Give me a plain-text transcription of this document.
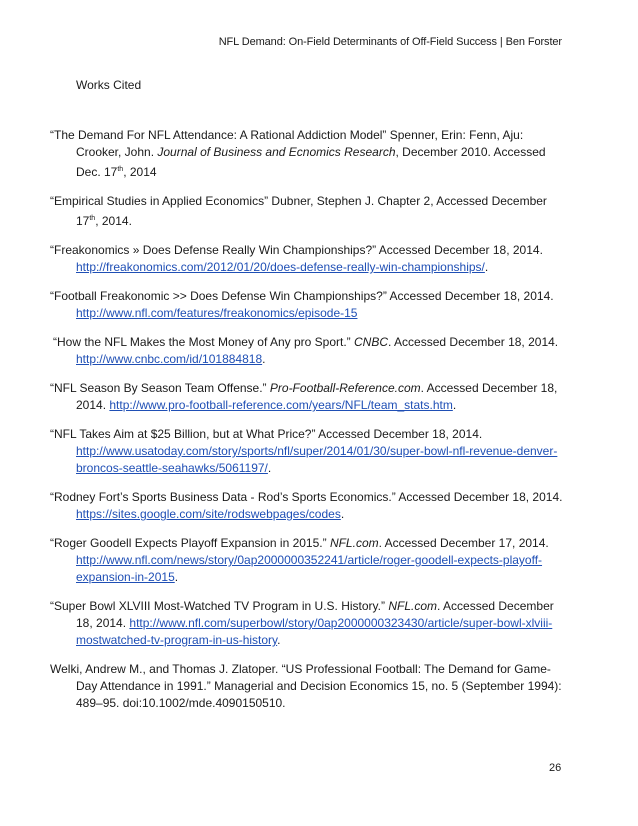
NFL Demand: On-Field Determinants of Off-Field Success | Ben Forster
Works Cited

“The Demand For NFL Attendance: A Rational Addiction Model” Spenner, Erin: Fenn, Aju: Crooker, John. Journal of Business and Ecnomics Research, December 2010. Accessed Dec. 17th, 2014

“Empirical Studies in Applied Economics” Dubner, Stephen J. Chapter 2, Accessed December 17th, 2014.

“Freakonomics » Does Defense Really Win Championships?” Accessed December 18, 2014. http://freakonomics.com/2012/01/20/does-defense-really-win-championships/.

“Football Freakonomic >> Does Defense Win Championships?” Accessed December 18, 2014. http://www.nfl.com/features/freakonomics/episode-15

“How the NFL Makes the Most Money of Any pro Sport.” CNBC. Accessed December 18, 2014. http://www.cnbc.com/id/101884818.

“NFL Season By Season Team Offense.” Pro-Football-Reference.com. Accessed December 18, 2014. http://www.pro-football-reference.com/years/NFL/team_stats.htm.

“NFL Takes Aim at $25 Billion, but at What Price?” Accessed December 18, 2014. http://www.usatoday.com/story/sports/nfl/super/2014/01/30/super-bowl-nfl-revenue-denver-broncos-seattle-seahawks/5061197/.

“Rodney Fort’s Sports Business Data - Rod’s Sports Economics.” Accessed December 18, 2014. https://sites.google.com/site/rodswebpages/codes.

“Roger Goodell Expects Playoff Expansion in 2015.” NFL.com. Accessed December 17, 2014. http://www.nfl.com/news/story/0ap2000000352241/article/roger-goodell-expects-playoff-expansion-in-2015.

“Super Bowl XLVIII Most-Watched TV Program in U.S. History.” NFL.com. Accessed December 18, 2014. http://www.nfl.com/superbowl/story/0ap2000000323430/article/super-bowl-xlviii-mostwatched-tv-program-in-us-history.

Welki, Andrew M., and Thomas J. Zlatoper. “US Professional Football: The Demand for Game-Day Attendance in 1991.” Managerial and Decision Economics 15, no. 5 (September 1994): 489–95. doi:10.1002/mde.4090150510.

26
